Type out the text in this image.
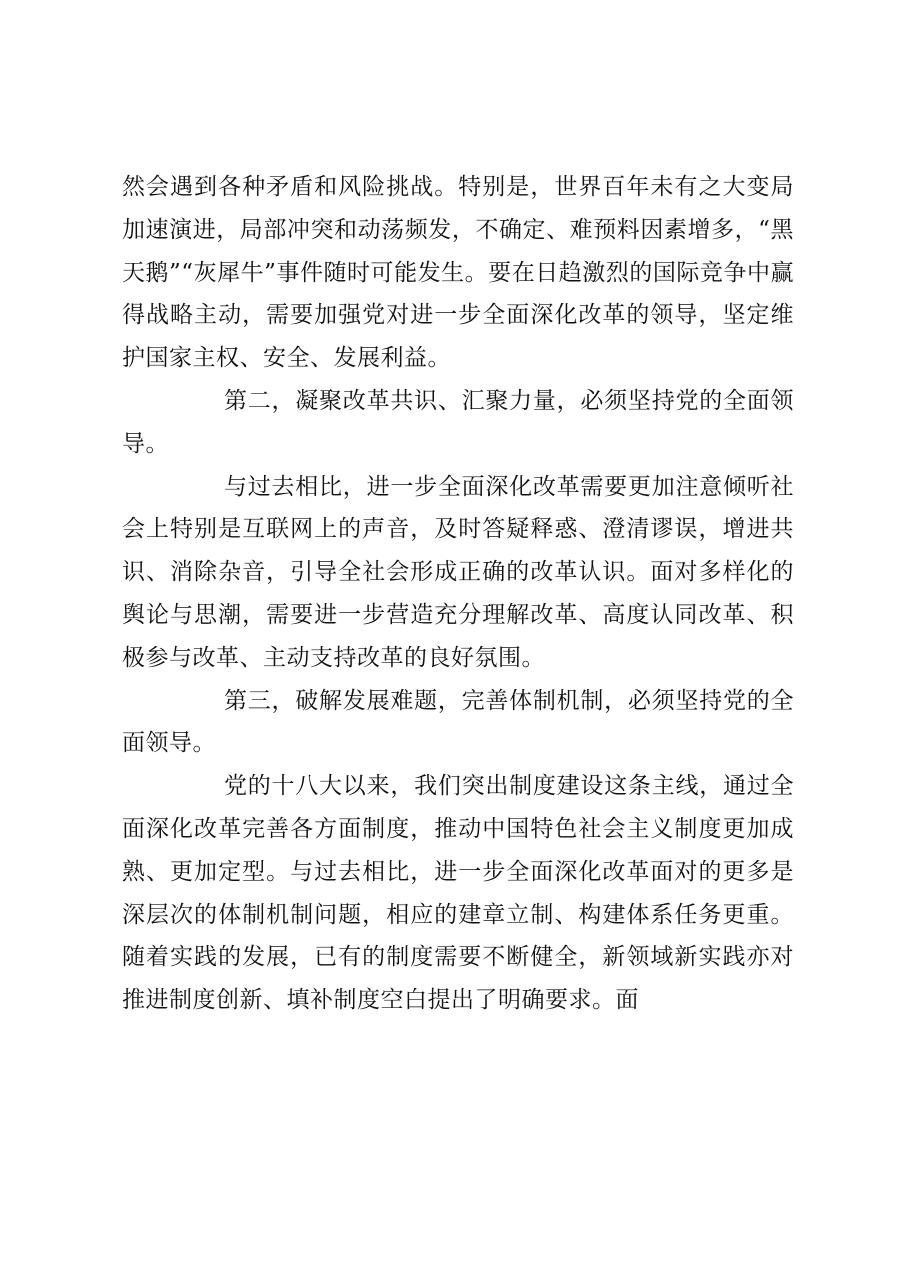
然会遇到各种矛盾和风险挑战。特别是，世界百年未有之大变局加速演进，局部冲突和动荡频发，不确定、难预料因素增多，“黑天鹅”“灰犀牛”事件随时可能发生。要在日趋激烈的国际竞争中赢得战略主动，需要加强党对进一步全面深化改革的领导，坚定维护国家主权、安全、发展利益。

第二，凝聚改革共识、汇聚力量，必须坚持党的全面领导。

与过去相比，进一步全面深化改革需要更加注意倾听社会上特别是互联网上的声音，及时答疑释惑、澄清谬误，增进共识、消除杂音，引导全社会形成正确的改革认识。面对多样化的舆论与思潮，需要进一步营造充分理解改革、高度认同改革、积极参与改革、主动支持改革的良好氛围。

第三，破解发展难题，完善体制机制，必须坚持党的全面领导。

党的十八大以来，我们突出制度建设这条主线，通过全面深化改革完善各方面制度，推动中国特色社会主义制度更加成熟、更加定型。与过去相比，进一步全面深化改革面对的更多是深层次的体制机制问题，相应的建章立制、构建体系任务更重。随着实践的发展，已有的制度需要不断健全，新领域新实践亦对推进制度创新、填补制度空白提出了明确要求。面
